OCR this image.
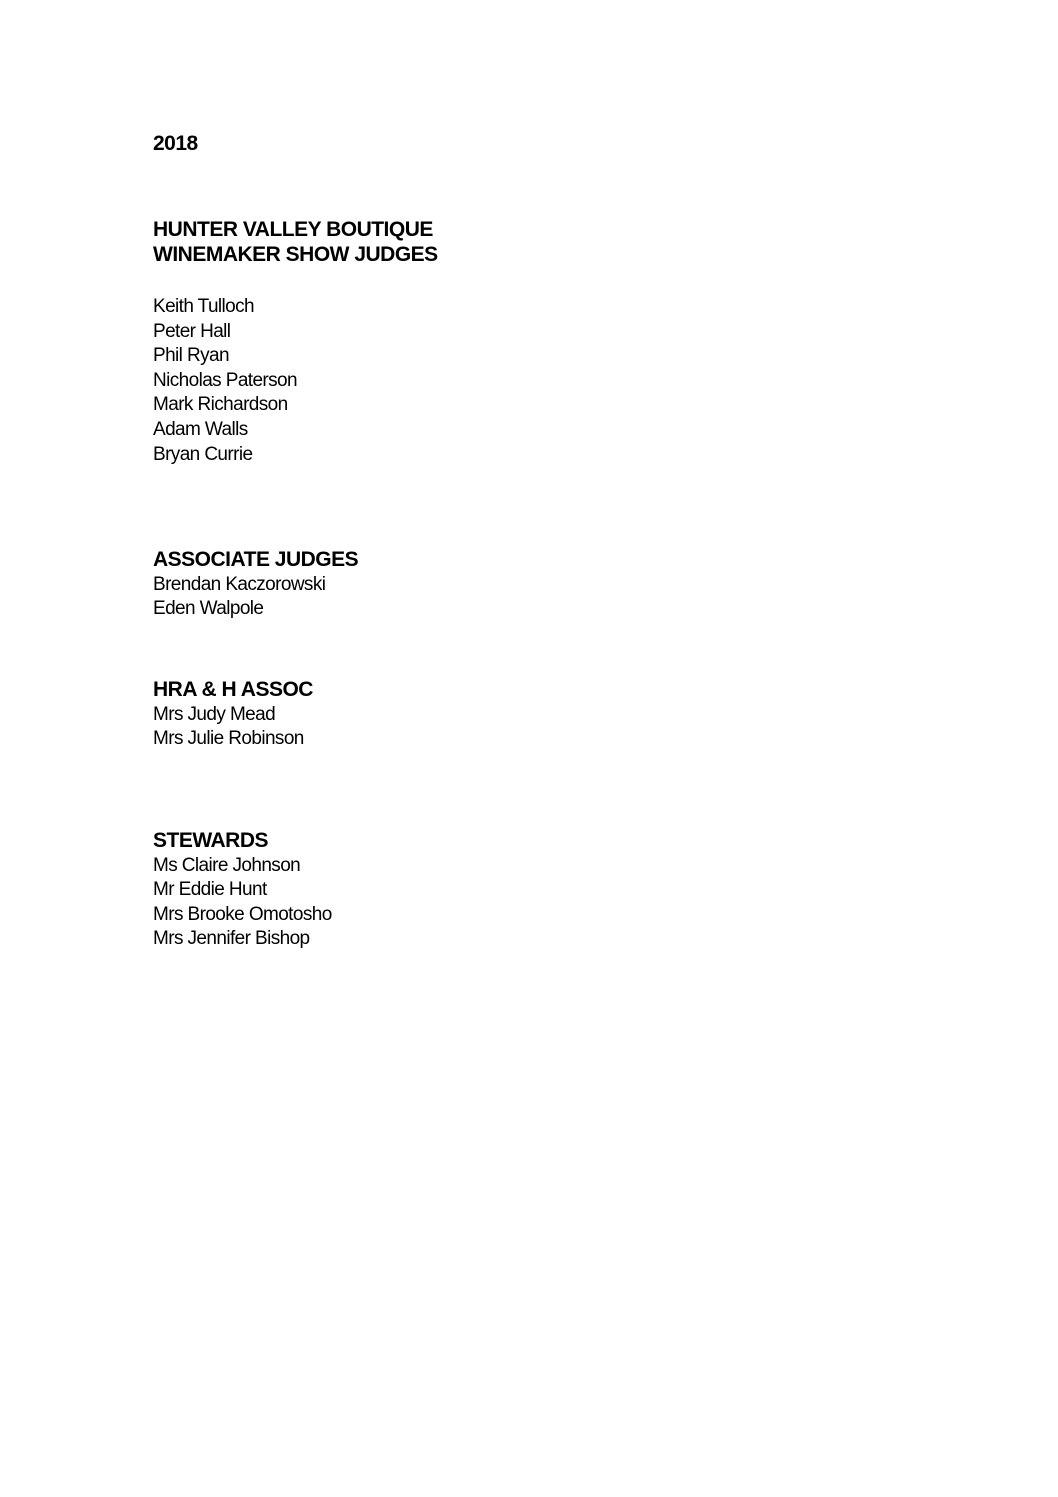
2018
HUNTER VALLEY BOUTIQUE
WINEMAKER SHOW JUDGES
Keith Tulloch
Peter Hall
Phil Ryan
Nicholas Paterson
Mark Richardson
Adam Walls
Bryan Currie
ASSOCIATE JUDGES
Brendan Kaczorowski
Eden Walpole
HRA & H ASSOC
Mrs Judy Mead
Mrs Julie Robinson
STEWARDS
Ms Claire Johnson
Mr Eddie Hunt
Mrs Brooke Omotosho
Mrs Jennifer Bishop
